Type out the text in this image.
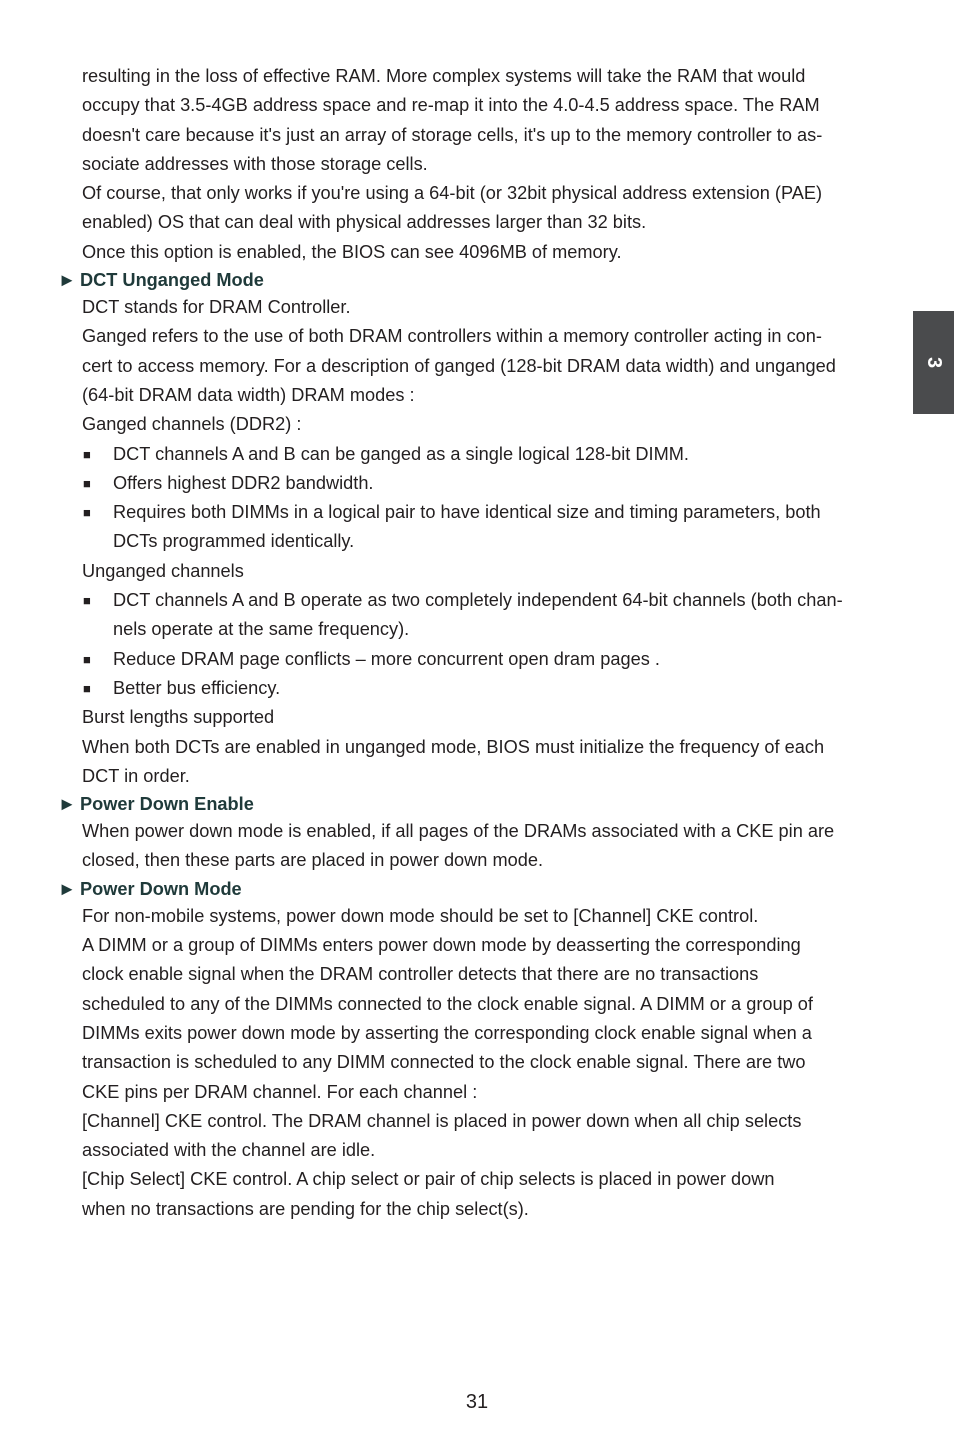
resulting in the loss of effective RAM. More complex systems will take the RAM that would

occupy that 3.5-4GB address space and re-map it into the 4.0-4.5 address space. The RAM

doesn't care because it's just an array of storage cells, it's up to the memory controller to as-

sociate addresses with those storage cells.

Of course, that only works if you're using a 64-bit (or 32bit physical address extension (PAE)

enabled) OS that can deal with physical addresses larger than 32 bits.

Once this option is enabled, the BIOS can see 4096MB of memory.

► DCT Unganged Mode

DCT stands for DRAM Controller.

Ganged refers to the use of both DRAM controllers within a memory controller acting in con-

cert to access memory. For a description of ganged (128-bit DRAM data width) and unganged

(64-bit DRAM data width) DRAM modes :

Ganged channels (DDR2) :

■ DCT channels A and B can be ganged as a single logical 128-bit DIMM.

■ Offers highest DDR2 bandwidth.

■ Requires both DIMMs in a logical pair to have identical size and timing parameters, both

DCTs programmed identically.

Unganged channels

■ DCT channels A and B operate as two completely independent 64-bit channels (both chan-

nels operate at the same frequency).

■ Reduce DRAM page conflicts – more concurrent open dram pages .

■ Better bus efficiency.

Burst lengths supported

When both DCTs are enabled in unganged mode, BIOS must initialize the frequency of each

DCT in order.

► Power Down Enable

When power down mode is enabled, if all pages of the DRAMs associated with a CKE pin are

closed, then these parts are placed in power down mode.

► Power Down Mode

For non-mobile systems, power down mode should be set to [Channel] CKE control.

A DIMM or a group of DIMMs enters power down mode by deasserting the corresponding

clock enable signal when the DRAM controller detects that there are no transactions

scheduled to any of the DIMMs connected to the clock enable signal. A DIMM or a group of

DIMMs exits power down mode by asserting the corresponding clock enable signal when a

transaction is scheduled to any DIMM connected to the clock enable signal. There are two

CKE pins per DRAM channel. For each channel :

[Channel] CKE control. The DRAM channel is placed in power down when all chip selects

associated with the channel are idle.

[Chip Select] CKE control. A chip select or pair of chip selects is placed in power down

when no transactions are pending for the chip select(s).

3
31
